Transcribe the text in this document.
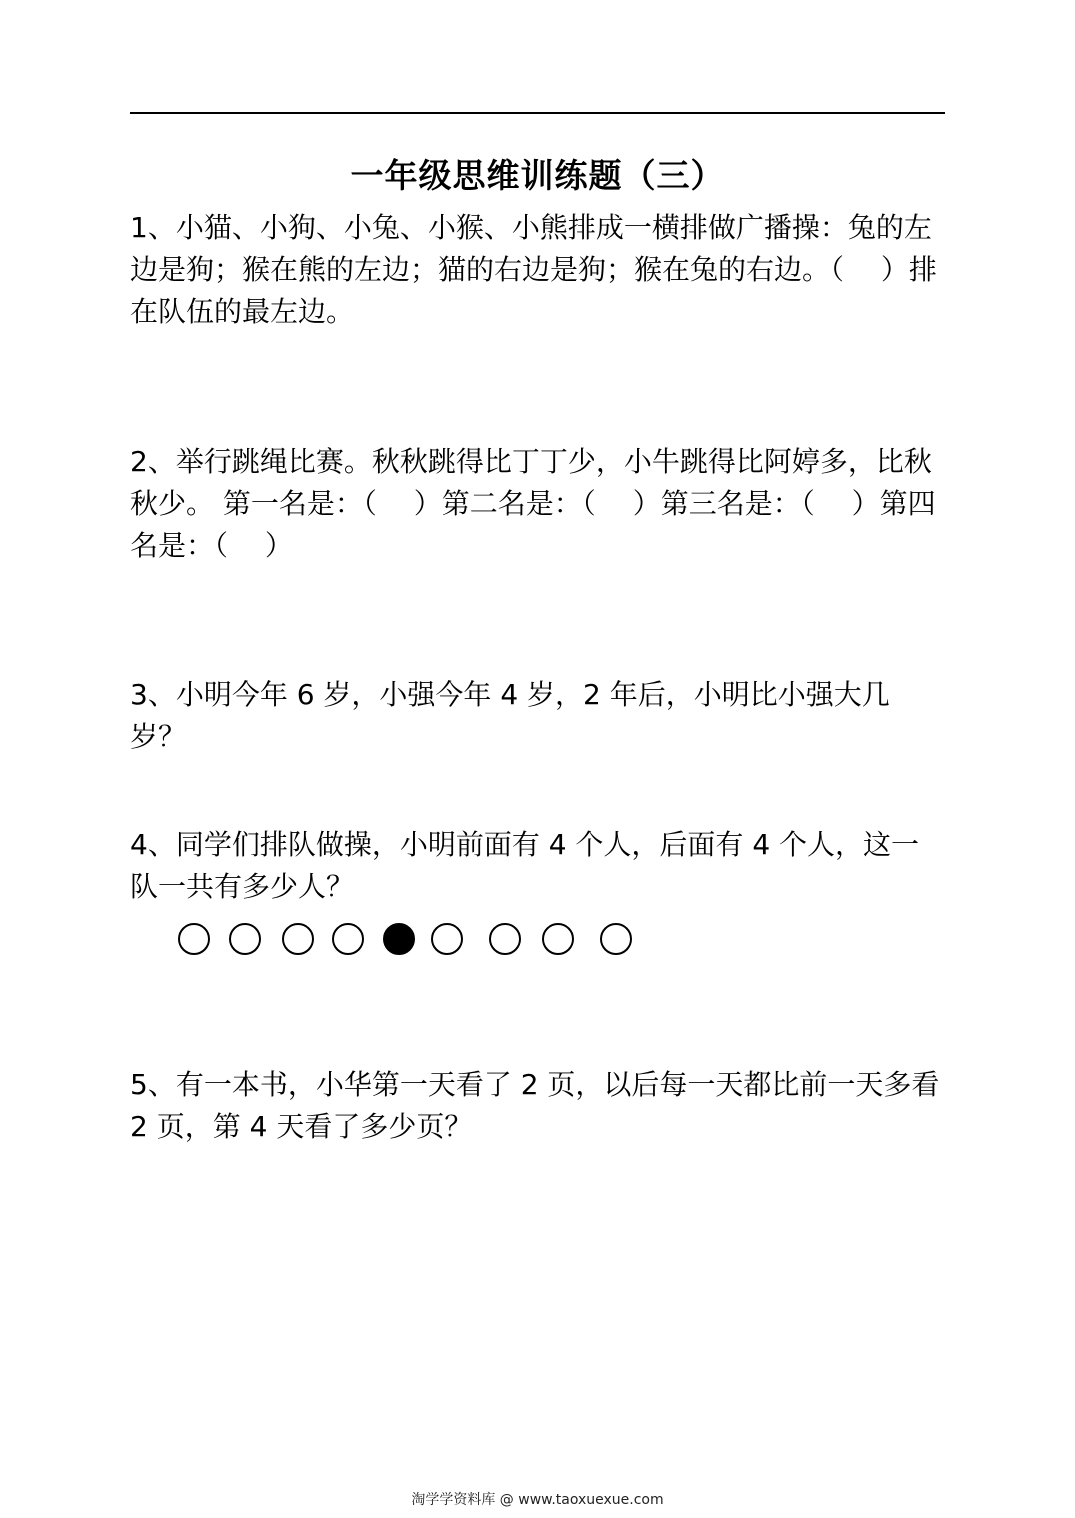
一年级思维训练题（三）

1、小猫、小狗、小兔、小猴、小熊排成一横排做广播操：兔的左边是狗；猴在熊的左边；猫的右边是狗；猴在兔的右边。（　 ）排在队伍的最左边。

2、举行跳绳比赛。秋秋跳得比丁丁少，小牛跳得比阿婷多，比秋秋少。 第一名是：（　 ）第二名是：（　 ）第三名是：（　 ）第四名是：（　 ）

3、小明今年 6 岁，小强今年 4 岁，2 年后，小明比小强大几岁？

4、同学们排队做操，小明前面有 4 个人，后面有 4 个人，这一队一共有多少人？

5、有一本书，小华第一天看了 2 页，以后每一天都比前一天多看 2 页，第 4 天看了多少页？

淘学学资料库 @ www.taoxuexue.com
